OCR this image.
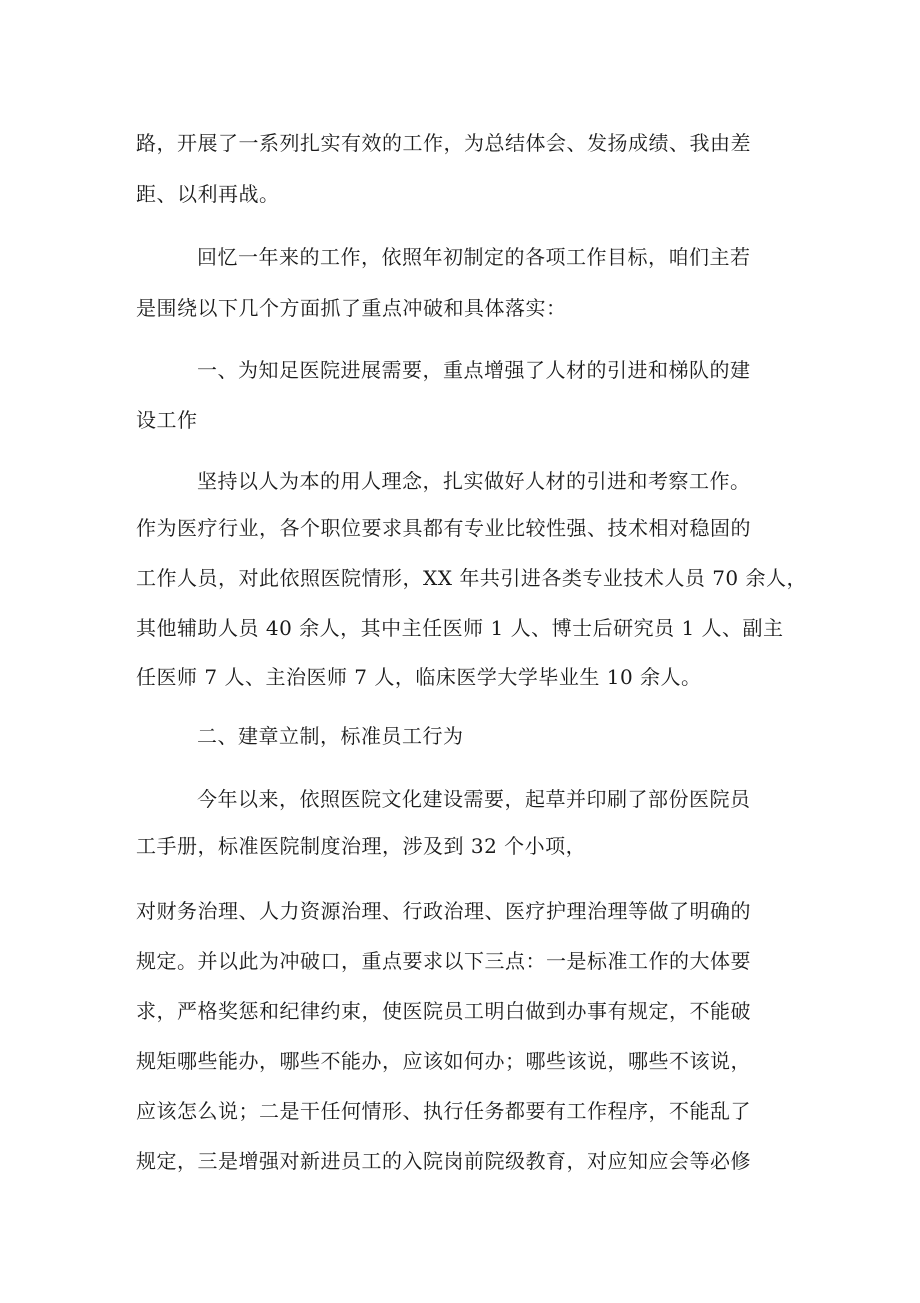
路，开展了一系列扎实有效的工作，为总结体会、发扬成绩、我由差
距、以利再战。
回忆一年来的工作，依照年初制定的各项工作目标，咱们主若
是围绕以下几个方面抓了重点冲破和具体落实：
一、为知足医院进展需要，重点增强了人材的引进和梯队的建
设工作
坚持以人为本的用人理念，扎实做好人材的引进和考察工作。
作为医疗行业，各个职位要求具都有专业比较性强、技术相对稳固的
工作人员，对此依照医院情形，XX 年共引进各类专业技术人员 70 余人，
其他辅助人员 40 余人，其中主任医师 1 人、博士后研究员 1 人、副主
任医师 7 人、主治医师 7 人，临床医学大学毕业生 10 余人。
二、建章立制，标准员工行为
今年以来，依照医院文化建设需要，起草并印刷了部份医院员
工手册，标准医院制度治理，涉及到 32 个小项，
对财务治理、人力资源治理、行政治理、医疗护理治理等做了明确的
规定。并以此为冲破口，重点要求以下三点：一是标准工作的大体要
求，严格奖惩和纪律约束，使医院员工明白做到办事有规定，不能破
规矩哪些能办，哪些不能办，应该如何办；哪些该说，哪些不该说，
应该怎么说；二是干任何情形、执行任务都要有工作程序，不能乱了
规定，三是增强对新进员工的入院岗前院级教育，对应知应会等必修
